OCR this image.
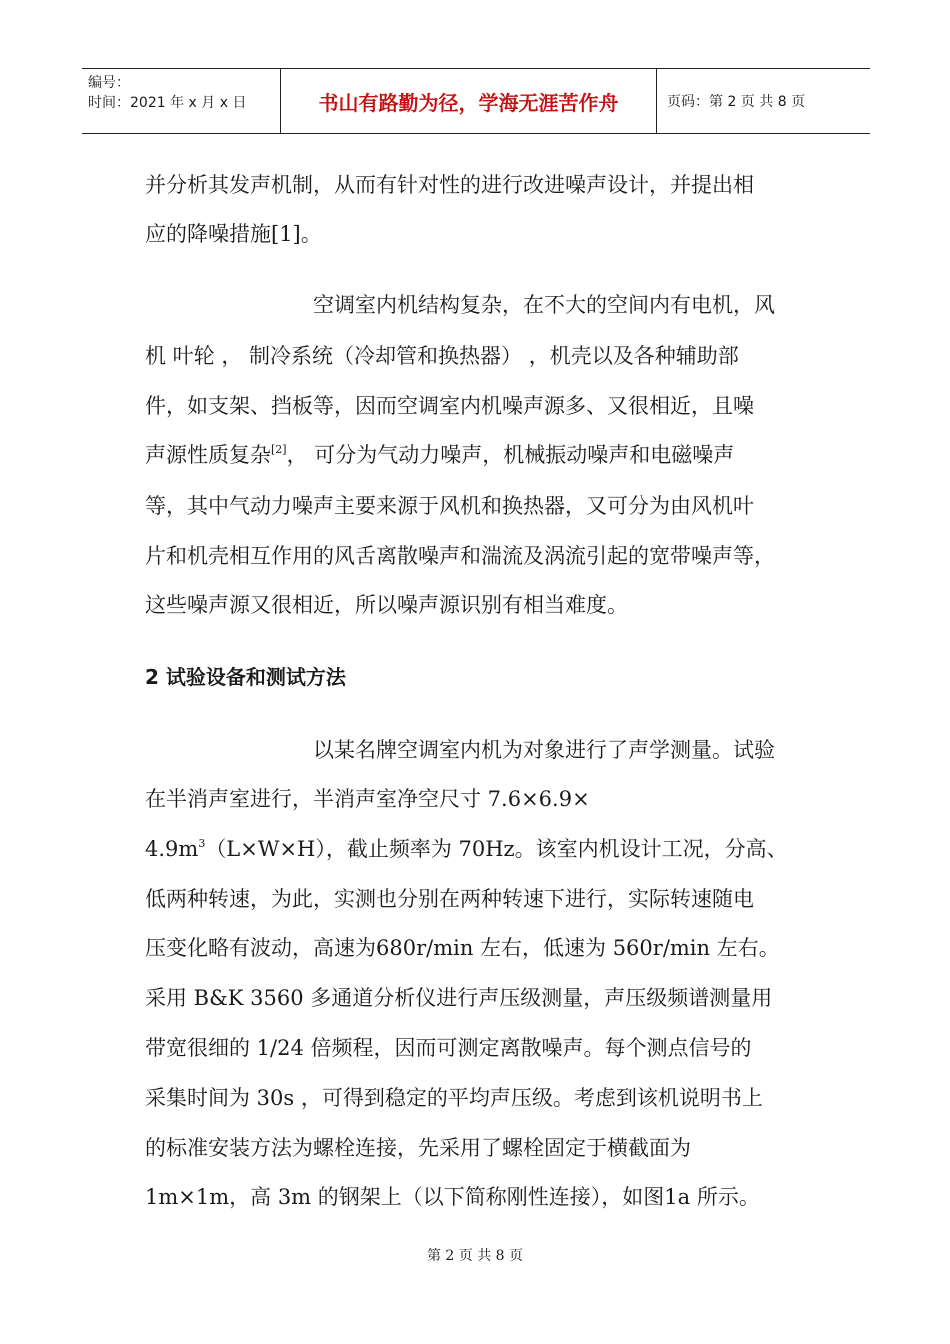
编号：
时间：2021 年 x 月 x 日	书山有路勤为径，学海无涯苦作舟	页码：第 2 页 共 8 页
并分析其发声机制，从而有针对性的进行改进噪声设计，并提出相
应的降噪措施[1]。
空调室内机结构复杂，在不大的空间内有电机，风
机 叶轮 ， 制冷系统（冷却管和换热器） ，机壳以及各种辅助部
件，如支架、挡板等，因而空调室内机噪声源多、又很相近，且噪
声源性质复杂[2]， 可分为气动力噪声，机械振动噪声和电磁噪声
等，其中气动力噪声主要来源于风机和换热器，又可分为由风机叶
片和机壳相互作用的风舌离散噪声和湍流及涡流引起的宽带噪声等，
这些噪声源又很相近，所以噪声源识别有相当难度。
2 试验设备和测试方法
以某名牌空调室内机为对象进行了声学测量。试验
在半消声室进行，半消声室净空尺寸 7.6×6.9×
$4.9m^3(L\times W\times H)$，截止频率为 70Hz。该室内机设计工况，分高、
低两种转速，为此，实测也分别在两种转速下进行，实际转速随电
压变化略有波动，高速为680r/min 左右，低速为 560r/min 左右。
采用 B&K 3560 多通道分析仪进行声压级测量，声压级频谱测量用
带宽很细的 1/24 倍频程，因而可测定离散噪声。每个测点信号的
采集时间为 30s ，可得到稳定的平均声压级。考虑到该机说明书上
的标准安装方法为螺栓连接，先采用了螺栓固定于横截面为
1m×1m，高 3m 的钢架上（以下简称刚性连接），如图1a 所示。
第 2 页 共 8 页
